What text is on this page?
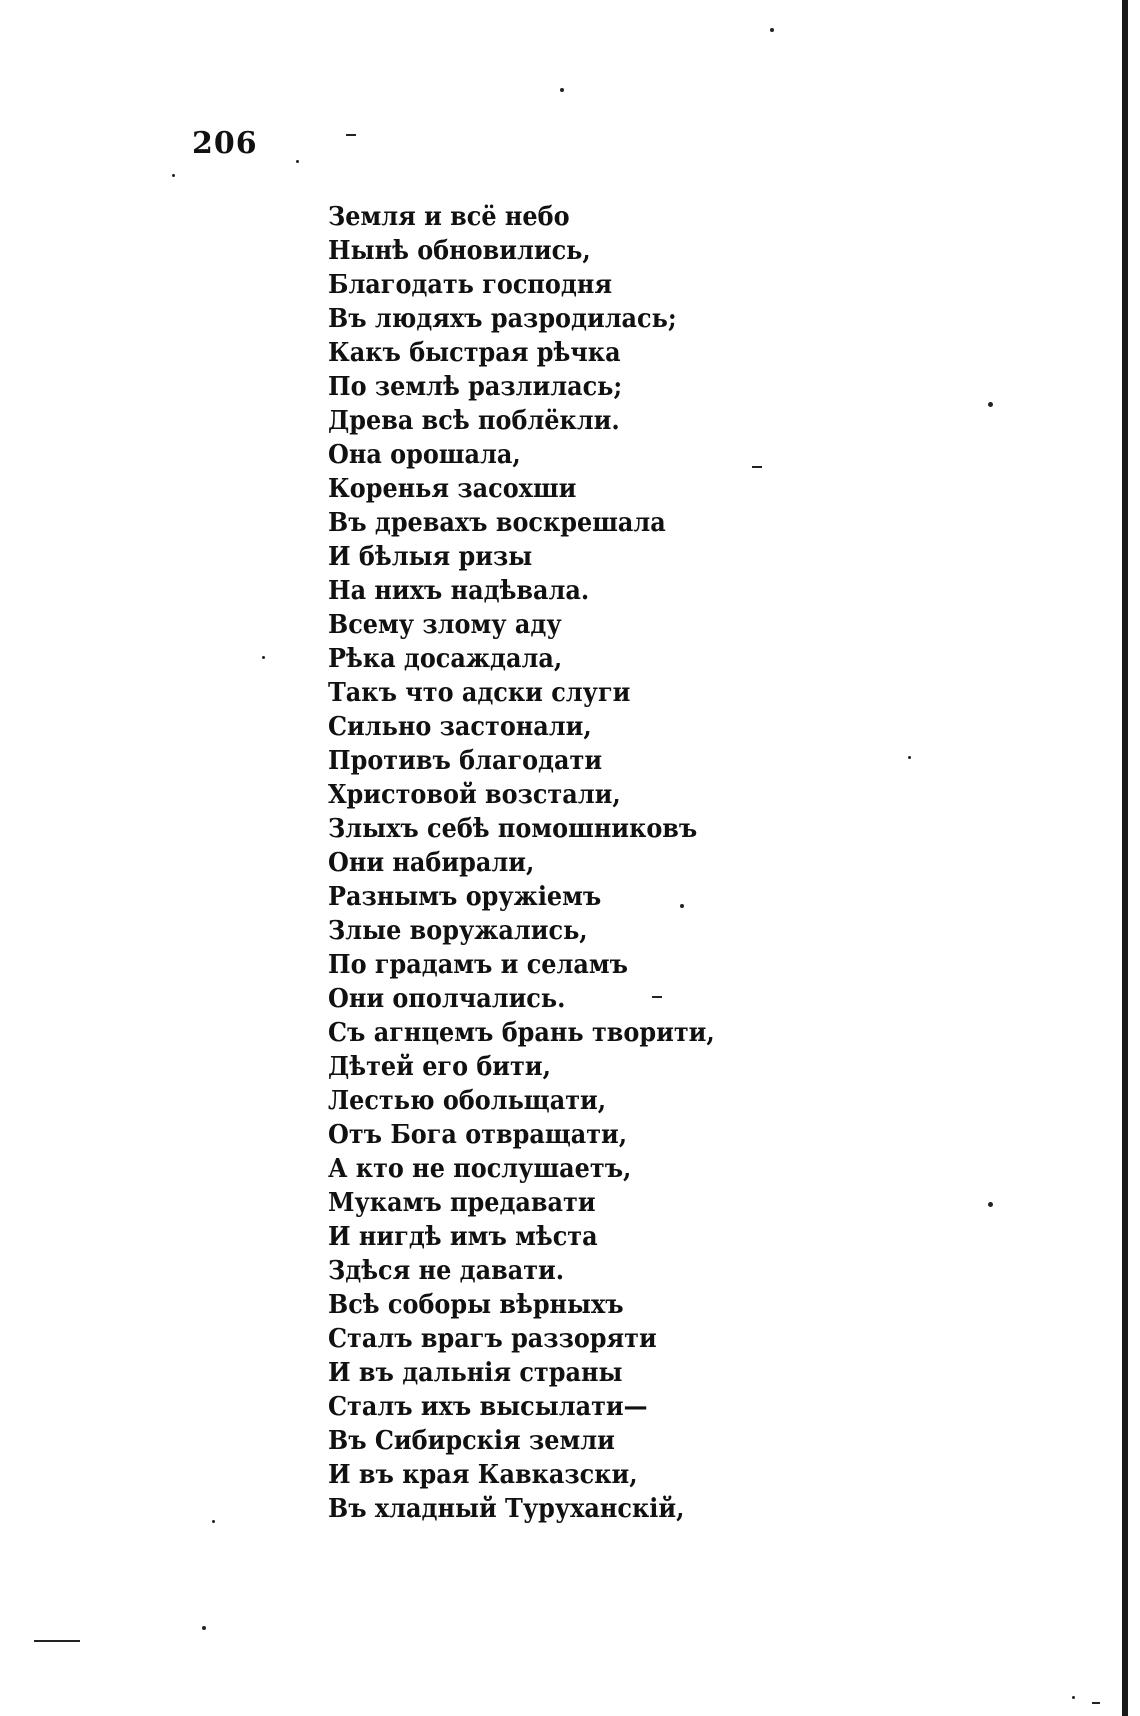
206
Земля и всё небо
Нынѣ обновились,
Благодать господня
Въ людяхъ разродилась;
Какъ быстрая рѣчка
По землѣ разлилась;
Древа всѣ поблёкли.
Она орошала,
Коренья засохши
Въ древахъ воскрешала
И бѣлыя ризы
На нихъ надѣвала.
Всему злому аду
Рѣка досаждала,
Такъ что адски слуги
Сильно застонали,
Противъ благодати
Христовой возстали,
Злыхъ себѣ помошниковъ
Они набирали,
Разнымъ оружіемъ
Злые вoружались,
По градамъ и селамъ
Они ополчались.
Съ агнцемъ брань творити,
Дѣтей его бити,
Лестью обольщати,
Отъ Бога отвращати,
А кто не послушаетъ,
Мукамъ предавати
И нигдѣ имъ мѣста
Здѣся не давати.
Всѣ соборы вѣрныхъ
Сталъ врагъ раззоряти
И въ дальнія страны
Сталъ ихъ высылати—
Въ Сибирскія земли
И въ края Кавказски,
Въ хладный Туруханскій,
